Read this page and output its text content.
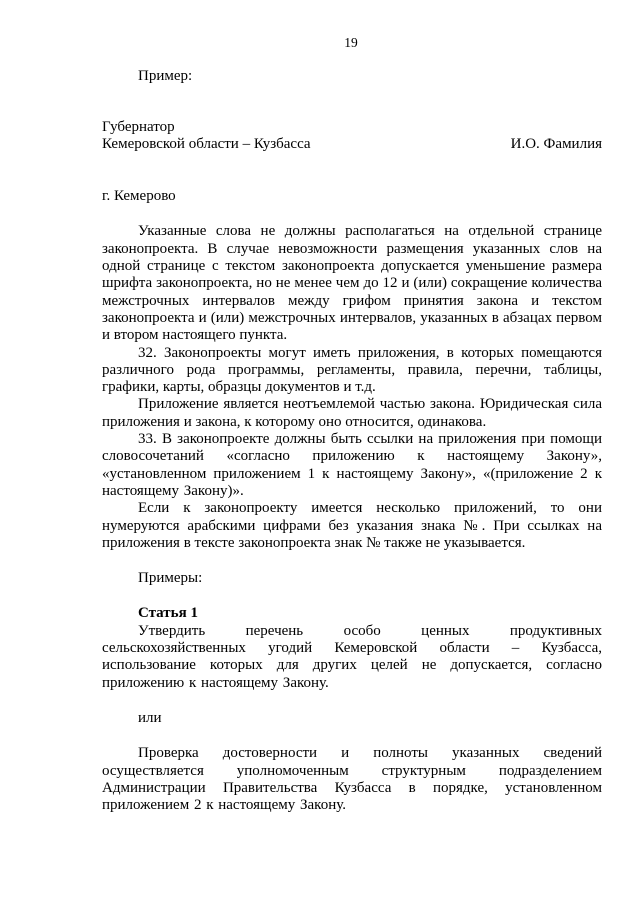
19

Пример:

Губернатор
Кемеровской области – Кузбасса	И.О. Фамилия

г. Кемерово

Указанные слова не должны располагаться на отдельной странице законопроекта. В случае невозможности размещения указанных слов на одной странице с текстом законопроекта допускается уменьшение размера шрифта законопроекта, но не менее чем до 12 и (или) сокращение количества межстрочных интервалов между грифом принятия закона и текстом законопроекта и (или) межстрочных интервалов, указанных в абзацах первом и втором настоящего пункта.

32. Законопроекты могут иметь приложения, в которых помещаются различного рода программы, регламенты, правила, перечни, таблицы, графики, карты, образцы документов и т.д.

Приложение является неотъемлемой частью закона. Юридическая сила приложения и закона, к которому оно относится, одинакова.

33. В законопроекте должны быть ссылки на приложения при помощи словосочетаний «согласно приложению к настоящему Закону», «установленном приложением 1 к настоящему Закону», «(приложение 2 к настоящему Закону)».

Если к законопроекту имеется несколько приложений, то они нумеруются арабскими цифрами без указания знака №. При ссылках на приложения в тексте законопроекта знак № также не указывается.

Примеры:

Статья 1

Утвердить перечень особо ценных продуктивных сельскохозяйственных угодий Кемеровской области – Кузбасса, использование которых для других целей не допускается, согласно приложению к настоящему Закону.

или

Проверка достоверности и полноты указанных сведений осуществляется уполномоченным структурным подразделением Администрации Правительства Кузбасса в порядке, установленном приложением 2 к настоящему Закону.
